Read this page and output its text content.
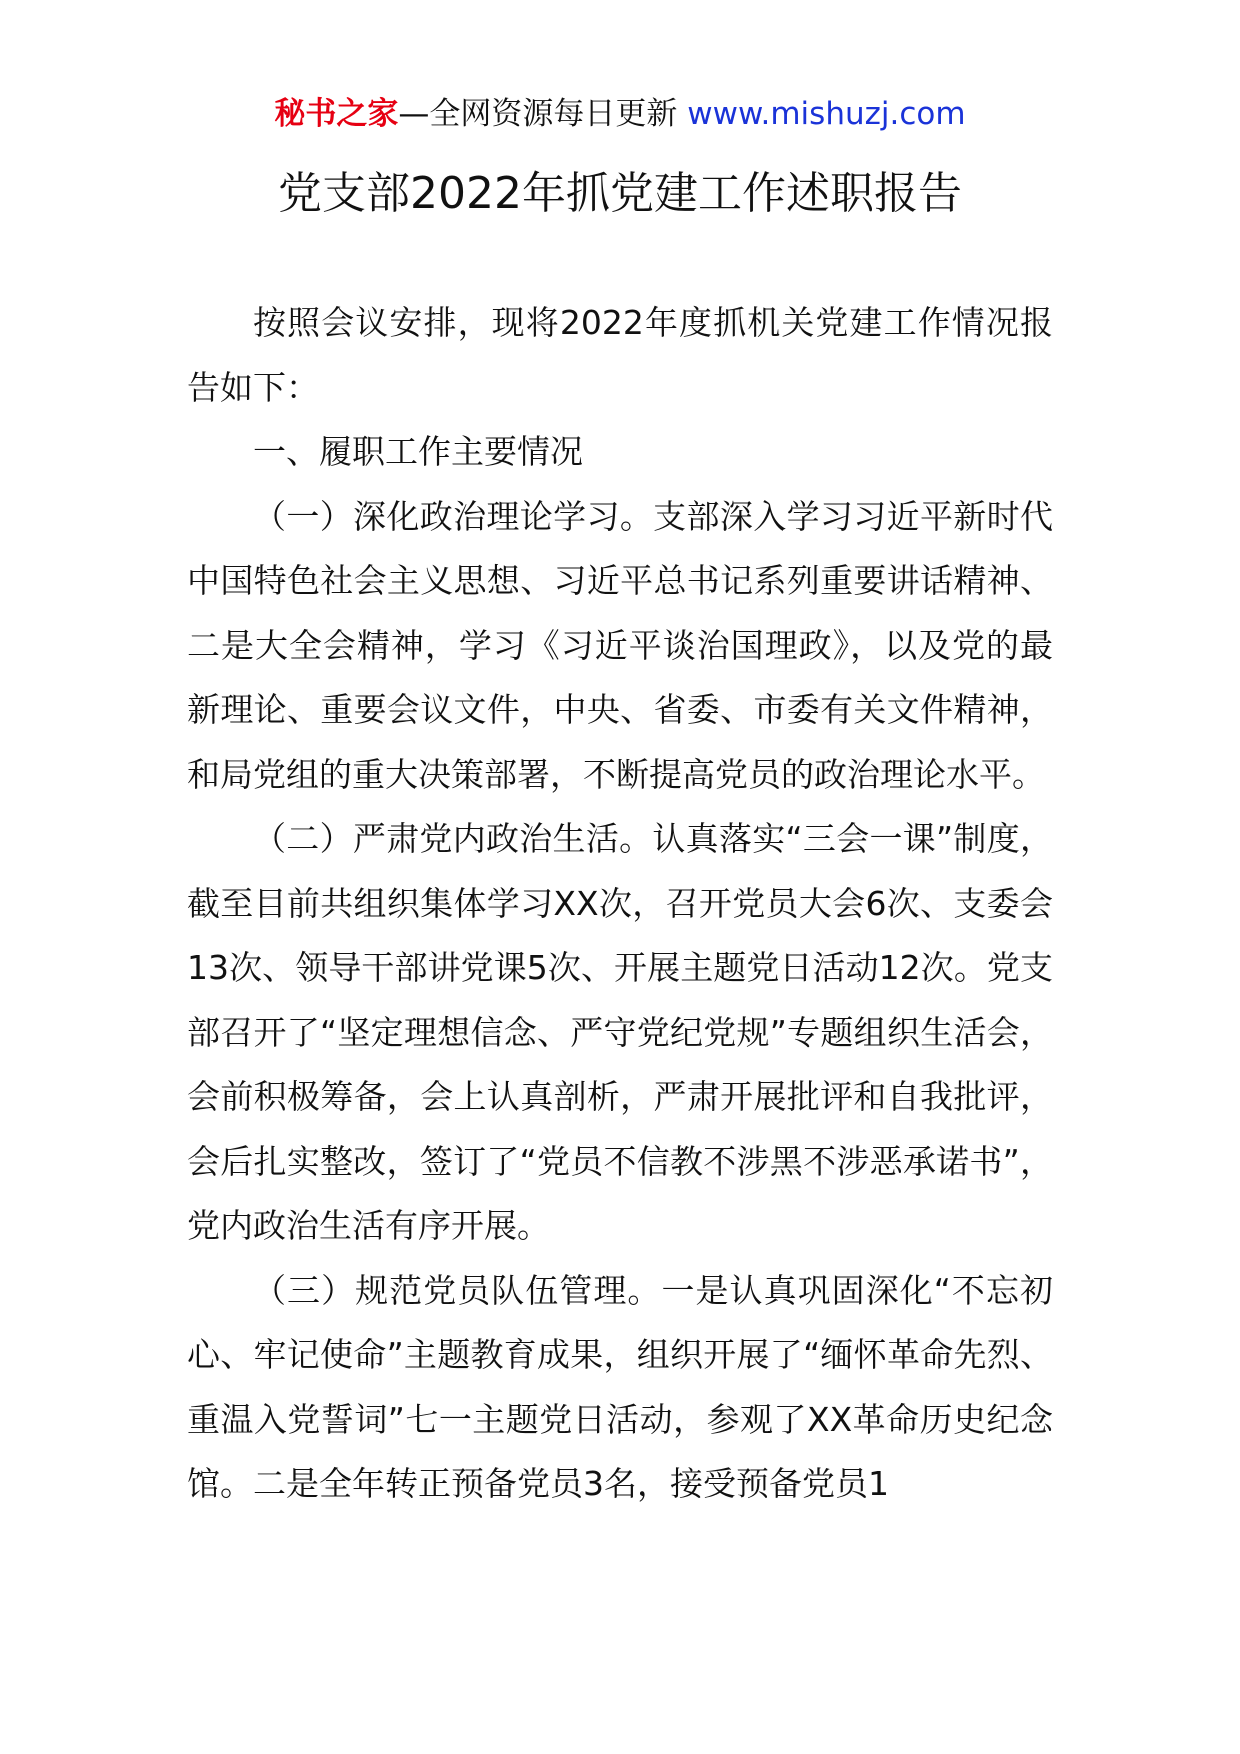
秘书之家—全网资源每日更新 www.mishuzj.com
党支部2022年抓党建工作述职报告

按照会议安排，现将2022年度抓机关党建工作情况报告如下：

一、履职工作主要情况

（一）深化政治理论学习。支部深入学习习近平新时代中国特色社会主义思想、习近平总书记系列重要讲话精神、二是大全会精神，学习《习近平谈治国理政》，以及党的最新理论、重要会议文件，中央、省委、市委有关文件精神，和局党组的重大决策部署，不断提高党员的政治理论水平。

（二）严肃党内政治生活。认真落实“三会一课”制度，截至目前共组织集体学习XX次，召开党员大会6次、支委会13次、领导干部讲党课5次、开展主题党日活动12次。党支部召开了“坚定理想信念、严守党纪党规”专题组织生活会，会前积极筹备，会上认真剖析，严肃开展批评和自我批评，会后扎实整改，签订了“党员不信教不涉黑不涉恶承诺书”，党内政治生活有序开展。

（三）规范党员队伍管理。一是认真巩固深化“不忘初心、牢记使命”主题教育成果，组织开展了“缅怀革命先烈、重温入党誓词”七一主题党日活动，参观了XX革命历史纪念馆。二是全年转正预备党员3名，接受预备党员1
